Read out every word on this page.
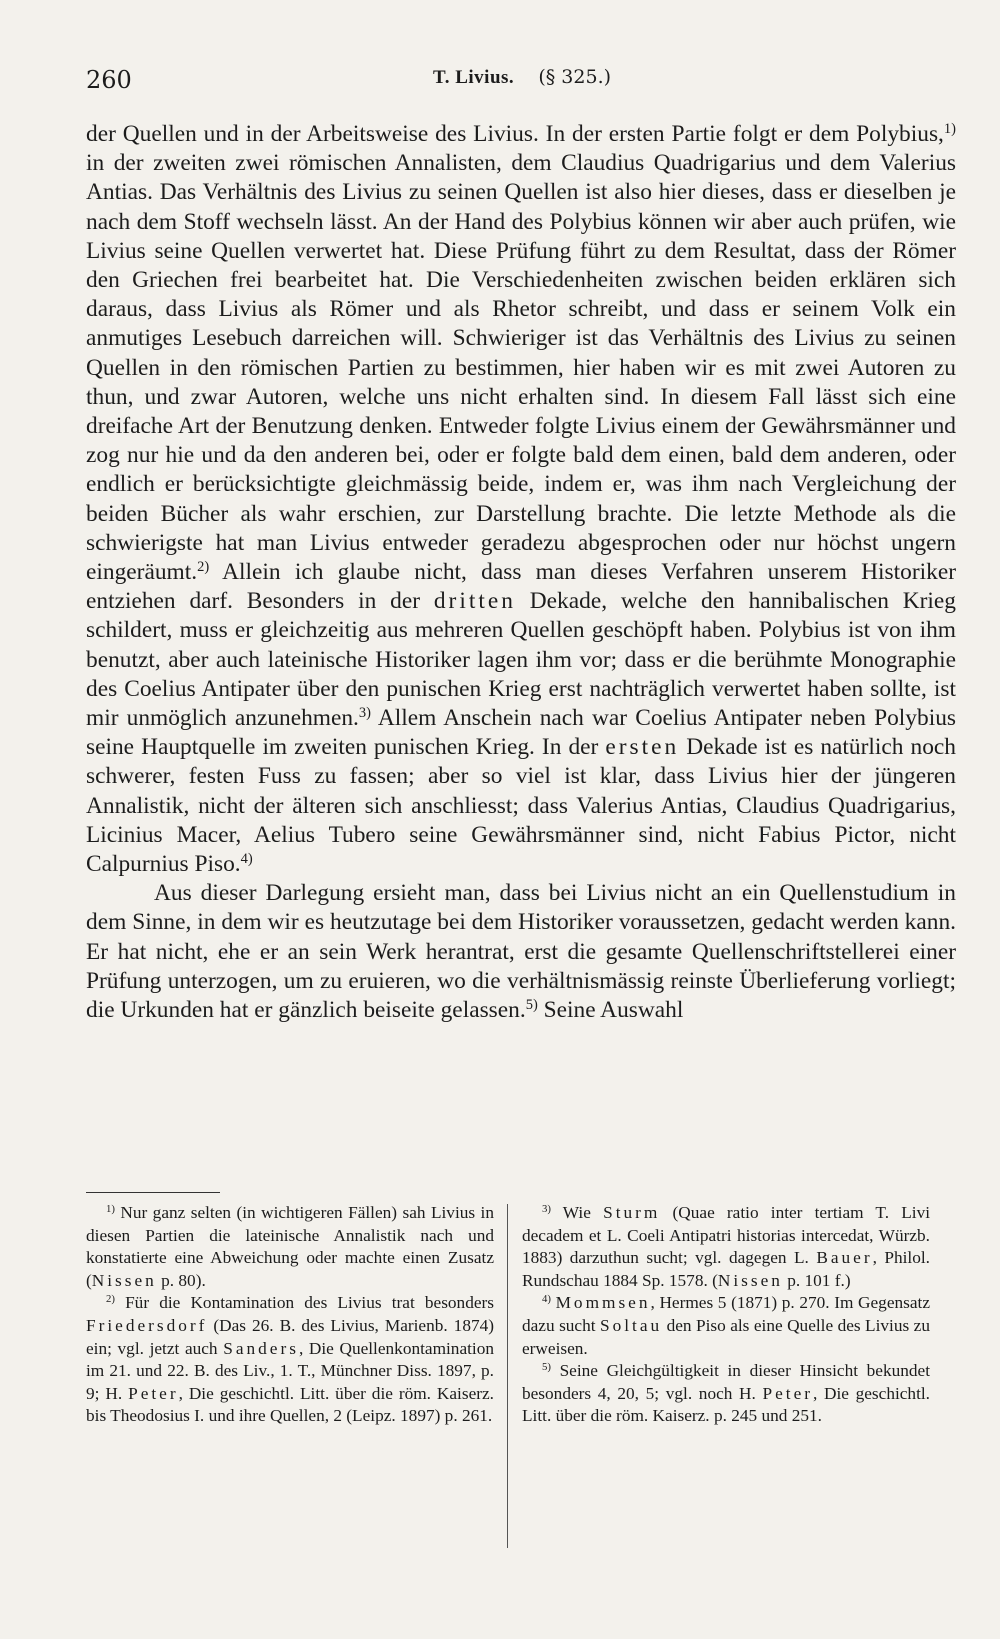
260	T. Livius. (§ 325.)

der Quellen und in der Arbeitsweise des Livius. In der ersten Partie folgt er dem Polybius,$^{1)}$ in der zweiten zwei römischen Annalisten, dem Claudius Quadrigarius und dem Valerius Antias. Das Verhältnis des Livius zu seinen Quellen ist also hier dieses, dass er dieselben je nach dem Stoff wechseln lässt. An der Hand des Polybius können wir aber auch prüfen, wie Livius seine Quellen verwertet hat. Diese Prüfung führt zu dem Resultat, dass der Römer den Griechen frei bearbeitet hat. Die Verschiedenheiten zwischen beiden erklären sich daraus, dass Livius als Römer und als Rhetor schreibt, und dass er seinem Volk ein anmutiges Lesebuch darreichen will. Schwieriger ist das Verhältnis des Livius zu seinen Quellen in den römischen Partien zu bestimmen, hier haben wir es mit zwei Autoren zu thun, und zwar Autoren, welche uns nicht erhalten sind. In diesem Fall lässt sich eine dreifache Art der Benutzung denken. Entweder folgte Livius einem der Gewährsmänner und zog nur hie und da den anderen bei, oder er folgte bald dem einen, bald dem anderen, oder endlich er berücksichtigte gleichmässig beide, indem er, was ihm nach Vergleichung der beiden Bücher als wahr erschien, zur Darstellung brachte. Die letzte Methode als die schwierigste hat man Livius entweder geradezu abgesprochen oder nur höchst ungern eingeräumt.$^{2)}$ Allein ich glaube nicht, dass man dieses Verfahren unserem Historiker entziehen darf. Besonders in der dritten Dekade, welche den hannibalischen Krieg schildert, muss er gleichzeitig aus mehreren Quellen geschöpft haben. Polybius ist von ihm benutzt, aber auch lateinische Historiker lagen ihm vor; dass er die berühmte Monographie des Coelius Antipater über den punischen Krieg erst nachträglich verwertet haben sollte, ist mir unmöglich anzunehmen.$^{3)}$ Allem Anschein nach war Coelius Antipater neben Polybius seine Hauptquelle im zweiten punischen Krieg. In der ersten Dekade ist es natürlich noch schwerer, festen Fuss zu fassen; aber so viel ist klar, dass Livius hier der jüngeren Annalistik, nicht der älteren sich anschliesst; dass Valerius Antias, Claudius Quadrigarius, Licinius Macer, Aelius Tubero seine Gewährsmänner sind, nicht Fabius Pictor, nicht Calpurnius Piso.$^{4)}$

Aus dieser Darlegung ersieht man, dass bei Livius nicht an ein Quellenstudium in dem Sinne, in dem wir es heutzutage bei dem Historiker voraussetzen, gedacht werden kann. Er hat nicht, ehe er an sein Werk herantrat, erst die gesamte Quellenschriftstellerei einer Prüfung unterzogen, um zu eruieren, wo die verhältnismässig reinste Überlieferung vorliegt; die Urkunden hat er gänzlich beiseite gelassen.$^{5)}$ Seine Auswahl

$^{1)}$ Nur ganz selten (in wichtigeren Fällen) sah Livius in diesen Partien die lateinische Annalistik nach und konstatierte eine Abweichung oder machte einen Zusatz (Nissen p. 80).

$^{2)}$ Für die Kontamination des Livius trat besonders Friedersdorf (Das 26. B. des Livius, Marienb. 1874) ein; vgl. jetzt auch Sanders, Die Quellenkontamination im 21. und 22. B. des Liv., 1. T., Münchner Diss. 1897, p. 9; H. Peter, Die geschichtl. Litt. über die röm. Kaiserz. bis Theodosius I. und ihre Quellen, 2 (Leipz. 1897) p. 261.

$^{3)}$ Wie Sturm (Quae ratio inter tertiam T. Livi decadem et L. Coeli Antipatri historias intercedat, Würzb. 1883) darzuthun sucht; vgl. dagegen L. Bauer, Philol. Rundschau 1884 Sp. 1578. (Nissen p. 101 f.)

$^{4)}$ Mommsen, Hermes 5 (1871) p. 270. Im Gegensatz dazu sucht Soltau den Piso als eine Quelle des Livius zu erweisen.

$^{5)}$ Seine Gleichgültigkeit in dieser Hinsicht bekundet besonders 4, 20, 5; vgl. noch H. Peter, Die geschichtl. Litt. über die röm. Kaiserz. p. 245 und 251.
